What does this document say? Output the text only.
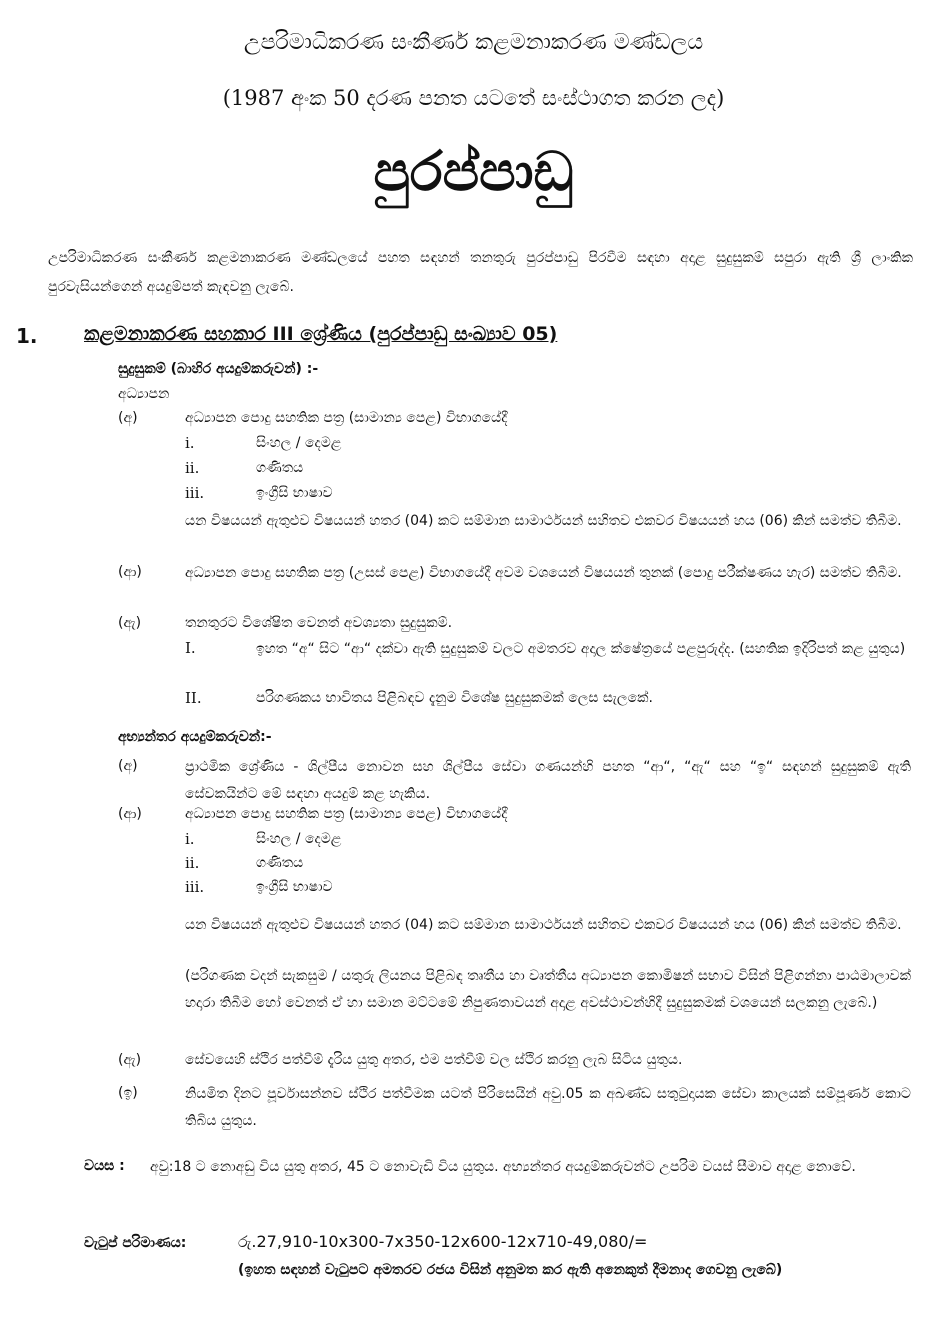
උපරිමාධිකරණ සංකීර්ණ කළමනාකරණ මණ්ඩලය
(1987 අංක 50 දරණ පනත යටතේ සංස්ථාගත කරන ලද)
පුරප්පාඩු
උපරිමාධිකරණ සංකීර්ණ කළමනාකරණ මණ්ඩලයේ පහත සඳහන් තනතුරු පුරප්පාඩු පිරවීම සඳහා අදාළ සුදුසුකම් සපුරා ඇති ශ්‍රී ලාංකික පුරවැසියන්ගෙන් අයදුම්පත් කැඳවනු ලැබේ.
1. කළමනාකරණ සහකාර III ශ්‍රේණිය (පුරප්පාඩු සංඛ්‍යාව 05)
සුදුසුකම් (බාහිර අයදුම්කරුවන්) :-
අධ්‍යාපන
(අ)	අධ්‍යාපන පොදු සහතික පත්‍ර (සාමාන්‍ය පෙළ) විභාගයේදී
i.	සිංහල / දෙමළ
ii.	ගණිතය
iii.	ඉංග්‍රීසි භාෂාව
යන විෂයයන් ඇතුළුව විෂයයන් හතර (04) කට සම්මාන සාමාර්ථයන් සහිතව එකවර විෂයයන් හය (06) කින් සමත්ව තිබීම.
(ආ)	අධ්‍යාපන පොදු සහතික පත්‍ර (උසස් පෙළ) විභාගයේදී අවම වශයෙන් විෂයයන් තුනක් (පොදු පරීක්ෂණය හැර) සමත්ව තිබීම.
(ඇ)	තනතුරට විශේෂිත වෙනත් අවශ්‍යතා සුදුසුකම්.
I.	ඉහත “අ“ සිට “ආ“ දක්වා ඇති සුදුසුකම් වලට අමතරව අදාල ක්ෂේත්‍රයේ පළපුරුද්ද. (සහතික ඉදිරිපත් කළ යුතුය)
II.	පරිගණකය භාවිතය පිළිබඳව දැනුම විශේෂ සුදුසුකමක් ලෙස සැලකේ.
අභ්‍යන්තර අයදුම්කරුවන්:-
(අ)	ප්‍රාථමික ශ්‍රේණිය - ශිල්පීය නොවන සහ ශිල්පීය සේවා ගණයන්හි පහත “ආ“, “ඇ“ සහ “ඉ“ සඳහන් සුදුසුකම් ඇති සේවකයින්ට මේ සඳහා අයදුම් කළ හැකිය.
(ආ)	අධ්‍යාපන පොදු සහතික පත්‍ර (සාමාන්‍ය පෙළ) විභාගයේදී
i.	සිංහල / දෙමළ
ii.	ගණිතය
iii.	ඉංග්‍රීසි භාෂාව
යන විෂයයන් ඇතුළුව විෂයයන් හතර (04) කට සම්මාන සාමාර්ථයන් සහිතව එකවර විෂයයන් හය (06) කින් සමත්ව තිබීම.
(පරිගණක වදන් සැකසුම / යතුරු ලියනය පිළිබඳ තෘතීය හා වෘත්තීය අධ්‍යාපන කොමිෂන් සභාව විසින් පිළිගන්නා පාඨමාලාවක් හදාරා තිබීම හෝ වෙනත් ඒ හා සමාන මට්ටමේ නිපුණතාවයන් අදාළ අවස්ථාවන්හිදී සුදුසුකමක් වශයෙන් සලකනු ලැබේ.)
(ඇ)	සේවයෙහි ස්ථිර පත්වීම් දැරිය යුතු අතර, එම පත්වීම් වල ස්ථිර කරනු ලැබ සිටිය යුතුය.
(ඉ)	නියමිත දිනට පූර්වාසන්නව ස්ථිර පත්වීමක යටත් පිරිසෙයින් අවු.05 ක අඛණ්ඩ සතුටුදායක සේවා කාලයක් සම්පූර්ණ කොට තිබිය යුතුය.
වයස : අවු:18 ට නොඅඩු විය යුතු අතර, 45 ට නොවැඩි විය යුතුය. අභ්‍යන්තර අයදුම්කරුවන්ට උපරිම වයස් සීමාව අදාළ නොවේ.
වැටුප් පරිමාණය:	රු.27,910-10x300-7x350-12x600-12x710-49,080/=
(ඉහත සඳහන් වැටුපට අමතරව රජය විසින් අනුමත කර ඇති අනෙකුත් දීමනාද ගෙවනු ලැබේ)
